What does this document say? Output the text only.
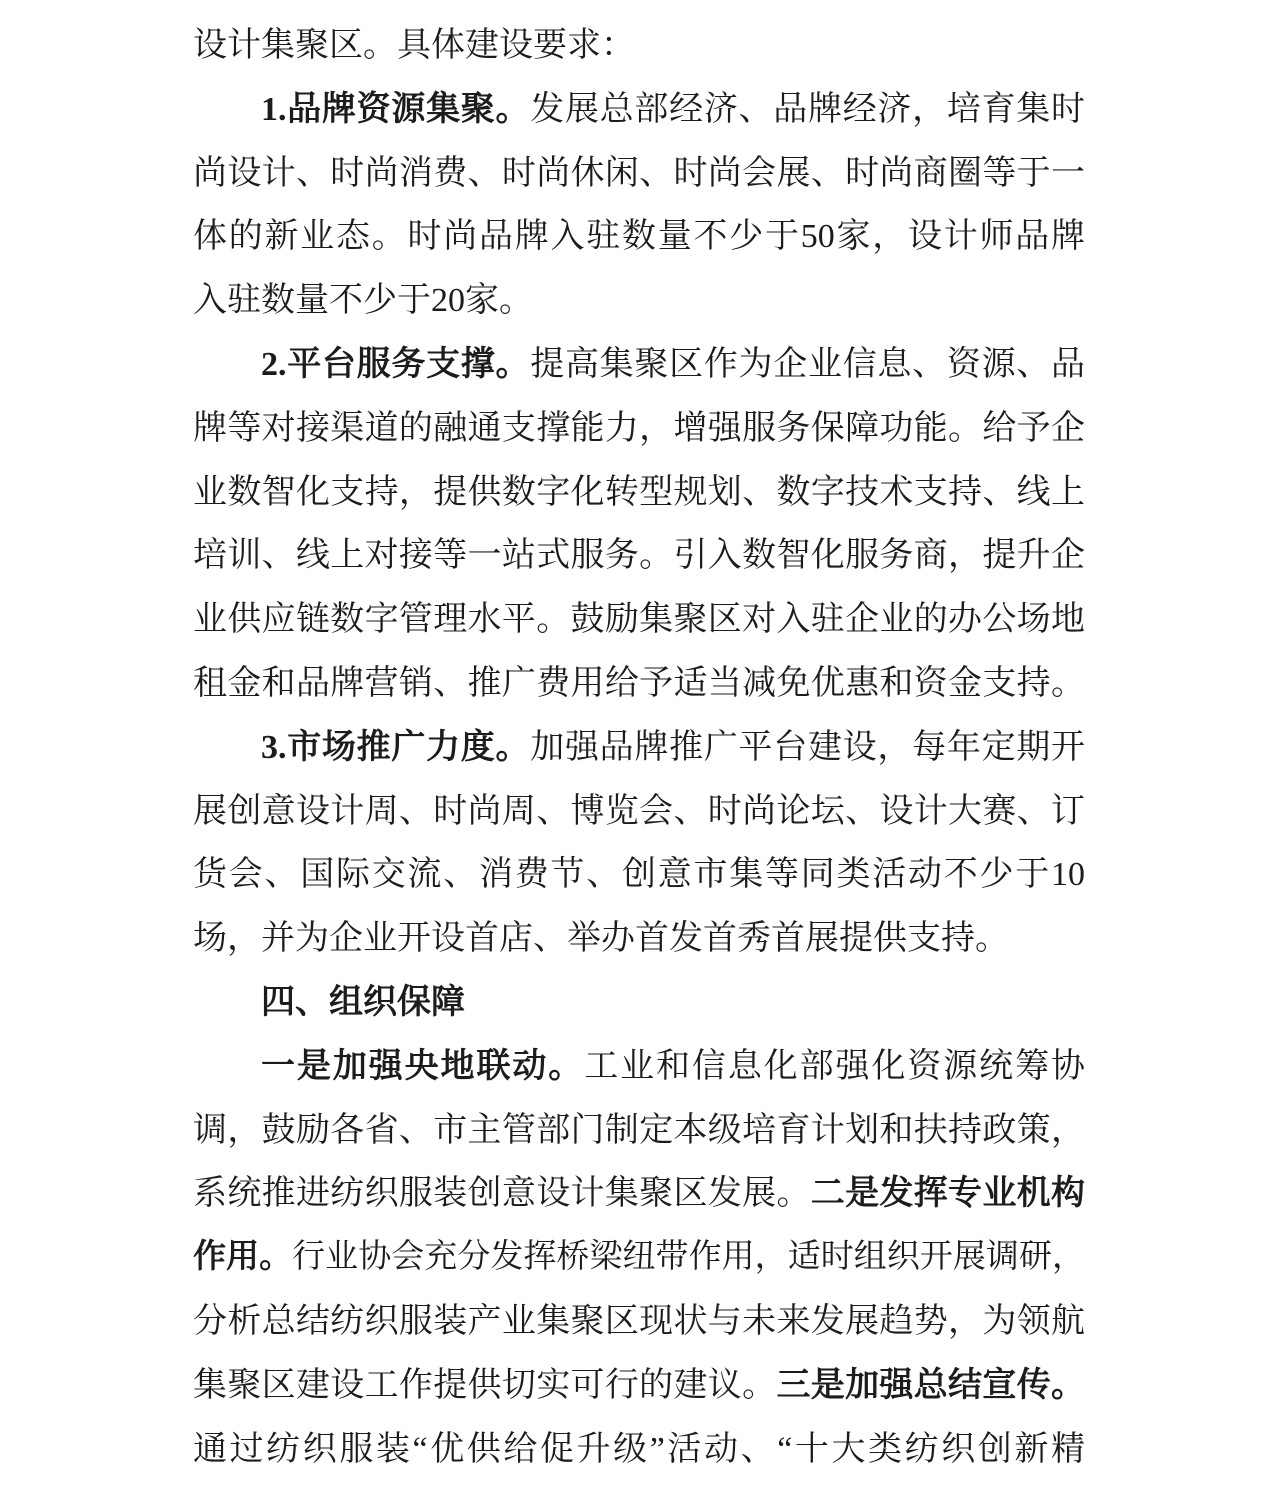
设计集聚区。具体建设要求：
1.品牌资源集聚。发展总部经济、品牌经济，培育集时
尚设计、时尚消费、时尚休闲、时尚会展、时尚商圈等于一
体的新业态。时尚品牌入驻数量不少于50家，设计师品牌
入驻数量不少于20家。
2.平台服务支撑。提高集聚区作为企业信息、资源、品
牌等对接渠道的融通支撑能力，增强服务保障功能。给予企
业数智化支持，提供数字化转型规划、数字技术支持、线上
培训、线上对接等一站式服务。引入数智化服务商，提升企
业供应链数字管理水平。鼓励集聚区对入驻企业的办公场地
租金和品牌营销、推广费用给予适当减免优惠和资金支持。
3.市场推广力度。加强品牌推广平台建设，每年定期开
展创意设计周、时尚周、博览会、时尚论坛、设计大赛、订
货会、国际交流、消费节、创意市集等同类活动不少于10
场，并为企业开设首店、举办首发首秀首展提供支持。
四、组织保障
一是加强央地联动。工业和信息化部强化资源统筹协
调，鼓励各省、市主管部门制定本级培育计划和扶持政策，
系统推进纺织服装创意设计集聚区发展。二是发挥专业机构
作用。行业协会充分发挥桥梁纽带作用，适时组织开展调研，
分析总结纺织服装产业集聚区现状与未来发展趋势，为领航
集聚区建设工作提供切实可行的建议。三是加强总结宣传。
通过纺织服装“优供给促升级”活动、“十大类纺织创新精
